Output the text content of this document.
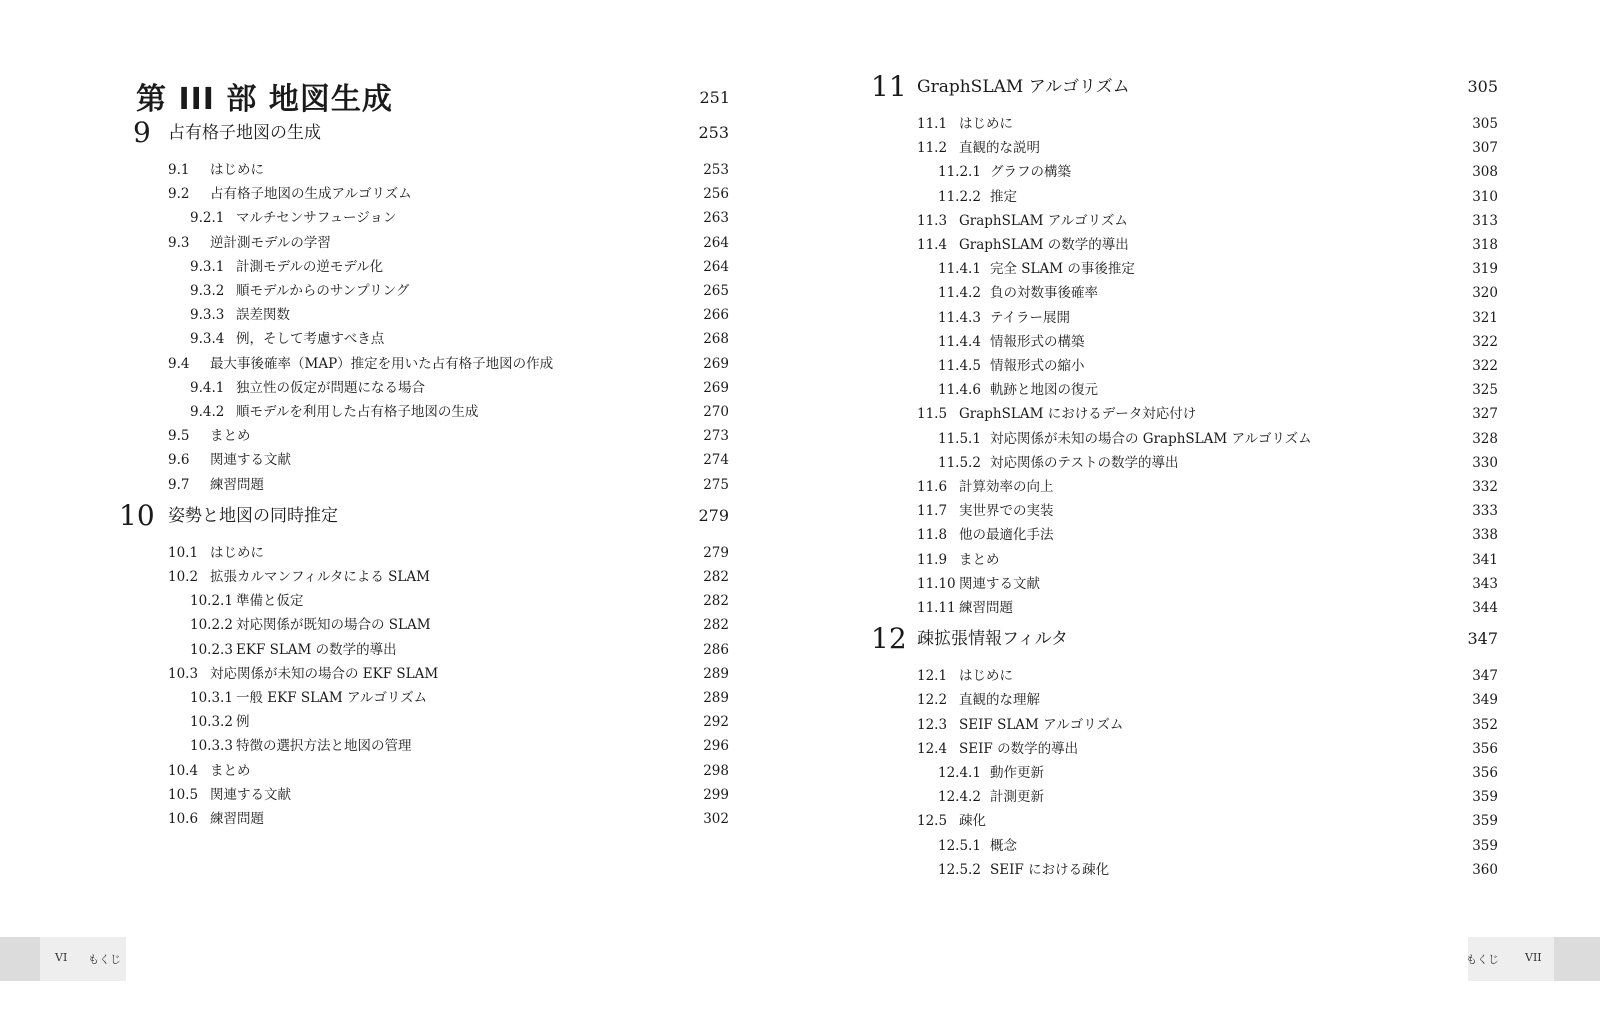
第 III 部 地図生成	251
9 占有格子地図の生成	253
9.1 はじめに	253
9.2 占有格子地図の生成アルゴリズム	256
9.2.1 マルチセンサフュージョン	263
9.3 逆計測モデルの学習	264
9.3.1 計測モデルの逆モデル化	264
9.3.2 順モデルからのサンプリング	265
9.3.3 誤差関数	266
9.3.4 例，そして考慮すべき点	268
9.4 最大事後確率（MAP）推定を用いた占有格子地図の作成	269
9.4.1 独立性の仮定が問題になる場合	269
9.4.2 順モデルを利用した占有格子地図の生成	270
9.5 まとめ	273
9.6 関連する文献	274
9.7 練習問題	275
10 姿勢と地図の同時推定	279
10.1 はじめに	279
10.2 拡張カルマンフィルタによる SLAM	282
10.2.1 準備と仮定	282
10.2.2 対応関係が既知の場合の SLAM	282
10.2.3 EKF SLAM の数学的導出	286
10.3 対応関係が未知の場合の EKF SLAM	289
10.3.1 一般 EKF SLAM アルゴリズム	289
10.3.2 例	292
10.3.3 特徴の選択方法と地図の管理	296
10.4 まとめ	298
10.5 関連する文献	299
10.6 練習問題	302
VI もくじ
11 GraphSLAM アルゴリズム	305
11.1 はじめに	305
11.2 直観的な説明	307
11.2.1 グラフの構築	308
11.2.2 推定	310
11.3 GraphSLAM アルゴリズム	313
11.4 GraphSLAM の数学的導出	318
11.4.1 完全 SLAM の事後推定	319
11.4.2 負の対数事後確率	320
11.4.3 テイラー展開	321
11.4.4 情報形式の構築	322
11.4.5 情報形式の縮小	322
11.4.6 軌跡と地図の復元	325
11.5 GraphSLAM におけるデータ対応付け	327
11.5.1 対応関係が未知の場合の GraphSLAM アルゴリズム	328
11.5.2 対応関係のテストの数学的導出	330
11.6 計算効率の向上	332
11.7 実世界での実装	333
11.8 他の最適化手法	338
11.9 まとめ	341
11.10 関連する文献	343
11.11 練習問題	344
12 疎拡張情報フィルタ	347
12.1 はじめに	347
12.2 直観的な理解	349
12.3 SEIF SLAM アルゴリズム	352
12.4 SEIF の数学的導出	356
12.4.1 動作更新	356
12.4.2 計測更新	359
12.5 疎化	359
12.5.1 概念	359
12.5.2 SEIF における疎化	360
もくじ VII
